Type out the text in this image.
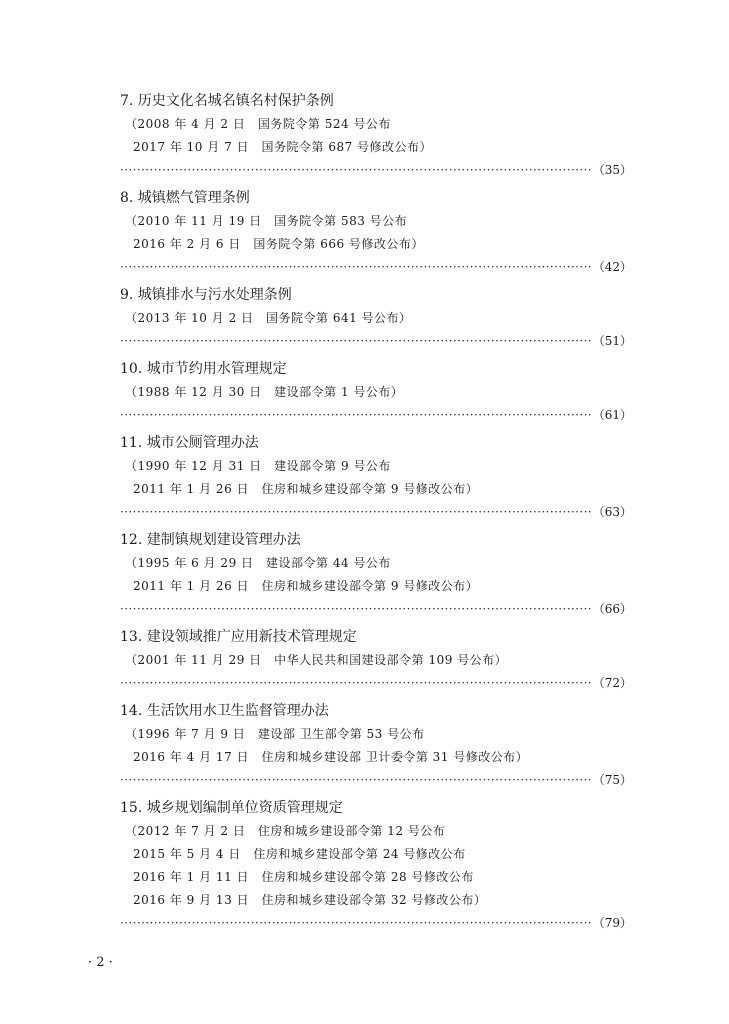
7. 历史文化名城名镇名村保护条例
（2008 年 4 月 2 日　国务院令第 524 号公布
2017 年 10 月 7 日　国务院令第 687 号修改公布）
·····
（35）
8. 城镇燃气管理条例
（2010 年 11 月 19 日　国务院令第 583 号公布
2016 年 2 月 6 日　国务院令第 666 号修改公布）
·····
（42）
9. 城镇排水与污水处理条例
（2013 年 10 月 2 日　国务院令第 641 号公布）
·····
（51）
10. 城市节约用水管理规定
（1988 年 12 月 30 日　建设部令第 1 号公布）
·····
（61）
11. 城市公厕管理办法
（1990 年 12 月 31 日　建设部令第 9 号公布
2011 年 1 月 26 日　住房和城乡建设部令第 9 号修改公布）
·····
（63）
12. 建制镇规划建设管理办法
（1995 年 6 月 29 日　建设部令第 44 号公布
2011 年 1 月 26 日　住房和城乡建设部令第 9 号修改公布）
·····
（66）
13. 建设领域推广应用新技术管理规定
（2001 年 11 月 29 日　中华人民共和国建设部令第 109 号公布）
·····
（72）
14. 生活饮用水卫生监督管理办法
（1996 年 7 月 9 日　建设部 卫生部令第 53 号公布
2016 年 4 月 17 日　住房和城乡建设部 卫计委令第 31 号修改公布）
·····
（75）
15. 城乡规划编制单位资质管理规定
（2012 年 7 月 2 日　住房和城乡建设部令第 12 号公布
2015 年 5 月 4 日　住房和城乡建设部令第 24 号修改公布
2016 年 1 月 11 日　住房和城乡建设部令第 28 号修改公布
2016 年 9 月 13 日　住房和城乡建设部令第 32 号修改公布）
·····
（79）
· 2 ·
